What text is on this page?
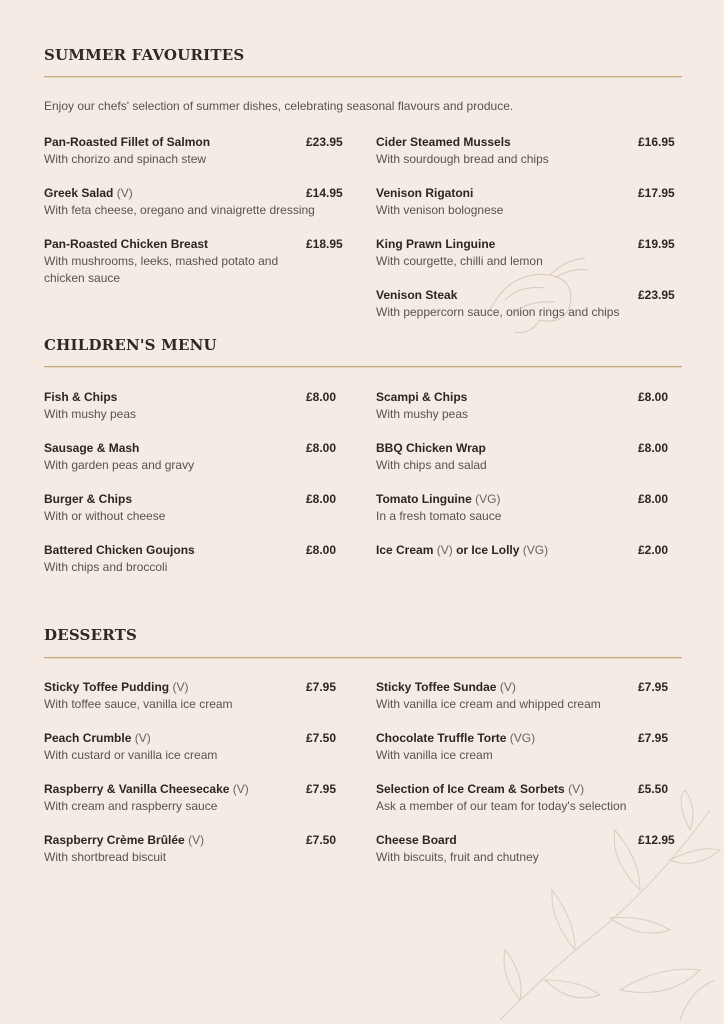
SUMMER FAVOURITES
Enjoy our chefs' selection of summer dishes, celebrating seasonal flavours and produce.
Pan-Roasted Fillet of Salmon	£23.95
With chorizo and spinach stew
Greek Salad (V)	£14.95
With feta cheese, oregano and vinaigrette dressing
Pan-Roasted Chicken Breast	£18.95
With mushrooms, leeks, mashed potato and chicken sauce
Cider Steamed Mussels	£16.95
With sourdough bread and chips
Venison Rigatoni	£17.95
With venison bolognese
King Prawn Linguine	£19.95
With courgette, chilli and lemon
Venison Steak	£23.95
With peppercorn sauce, onion rings and chips
CHILDREN'S MENU
Fish & Chips	£8.00
With mushy peas
Sausage & Mash	£8.00
With garden peas and gravy
Burger & Chips	£8.00
With or without cheese
Battered Chicken Goujons	£8.00
With chips and broccoli
Scampi & Chips	£8.00
With mushy peas
BBQ Chicken Wrap	£8.00
With chips and salad
Tomato Linguine (VG)	£8.00
In a fresh tomato sauce
Ice Cream (V) or Ice Lolly (VG)	£2.00
DESSERTS
Sticky Toffee Pudding (V)	£7.95
With toffee sauce, vanilla ice cream
Peach Crumble (V)	£7.50
With custard or vanilla ice cream
Raspberry & Vanilla Cheesecake (V)	£7.95
With cream and raspberry sauce
Raspberry Crème Brûlée (V)	£7.50
With shortbread biscuit
Sticky Toffee Sundae (V)	£7.95
With vanilla ice cream and whipped cream
Chocolate Truffle Torte (VG)	£7.95
With vanilla ice cream
Selection of Ice Cream & Sorbets (V)	£5.50
Ask a member of our team for today's selection
Cheese Board	£12.95
With biscuits, fruit and chutney
